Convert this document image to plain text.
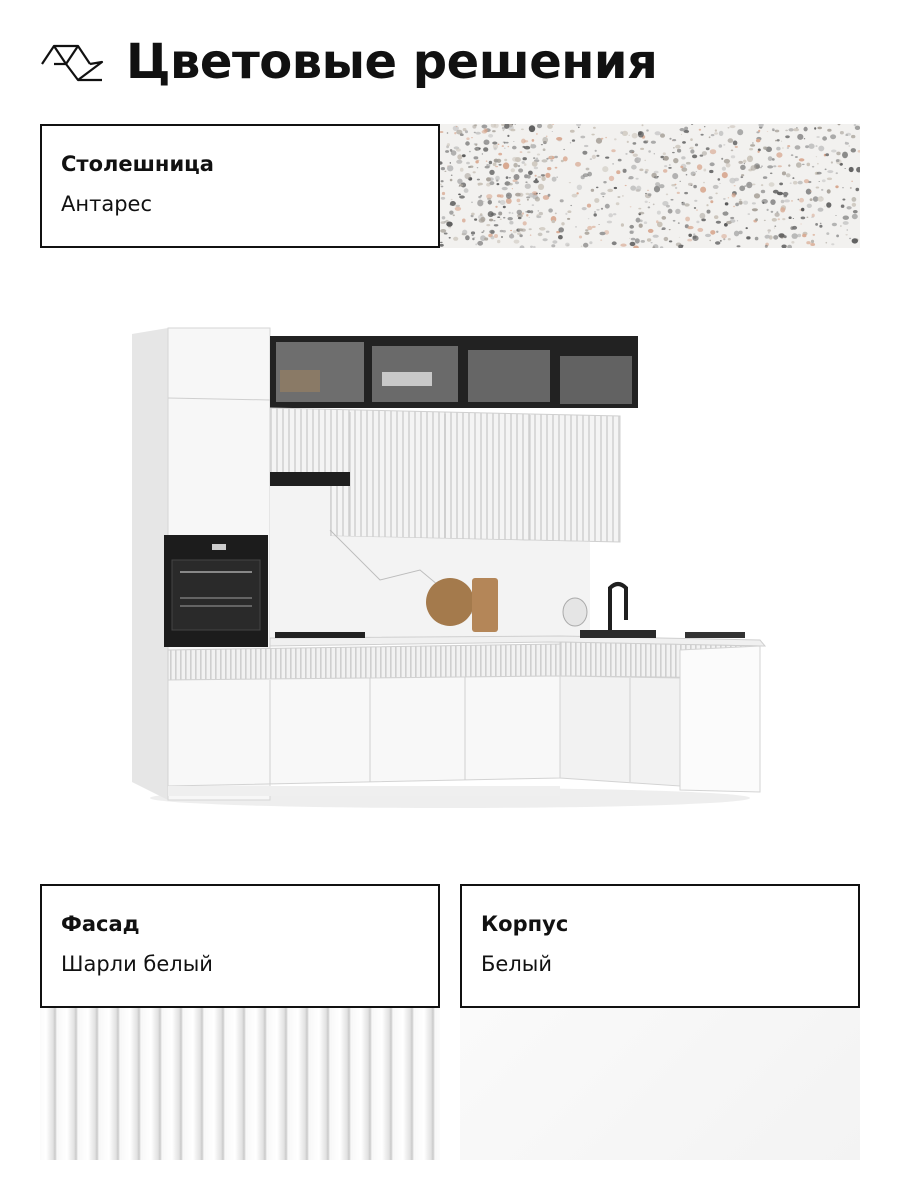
Цветовые решения
Столешница
Антарес
Фасад
Шарли белый
Корпус
Белый
